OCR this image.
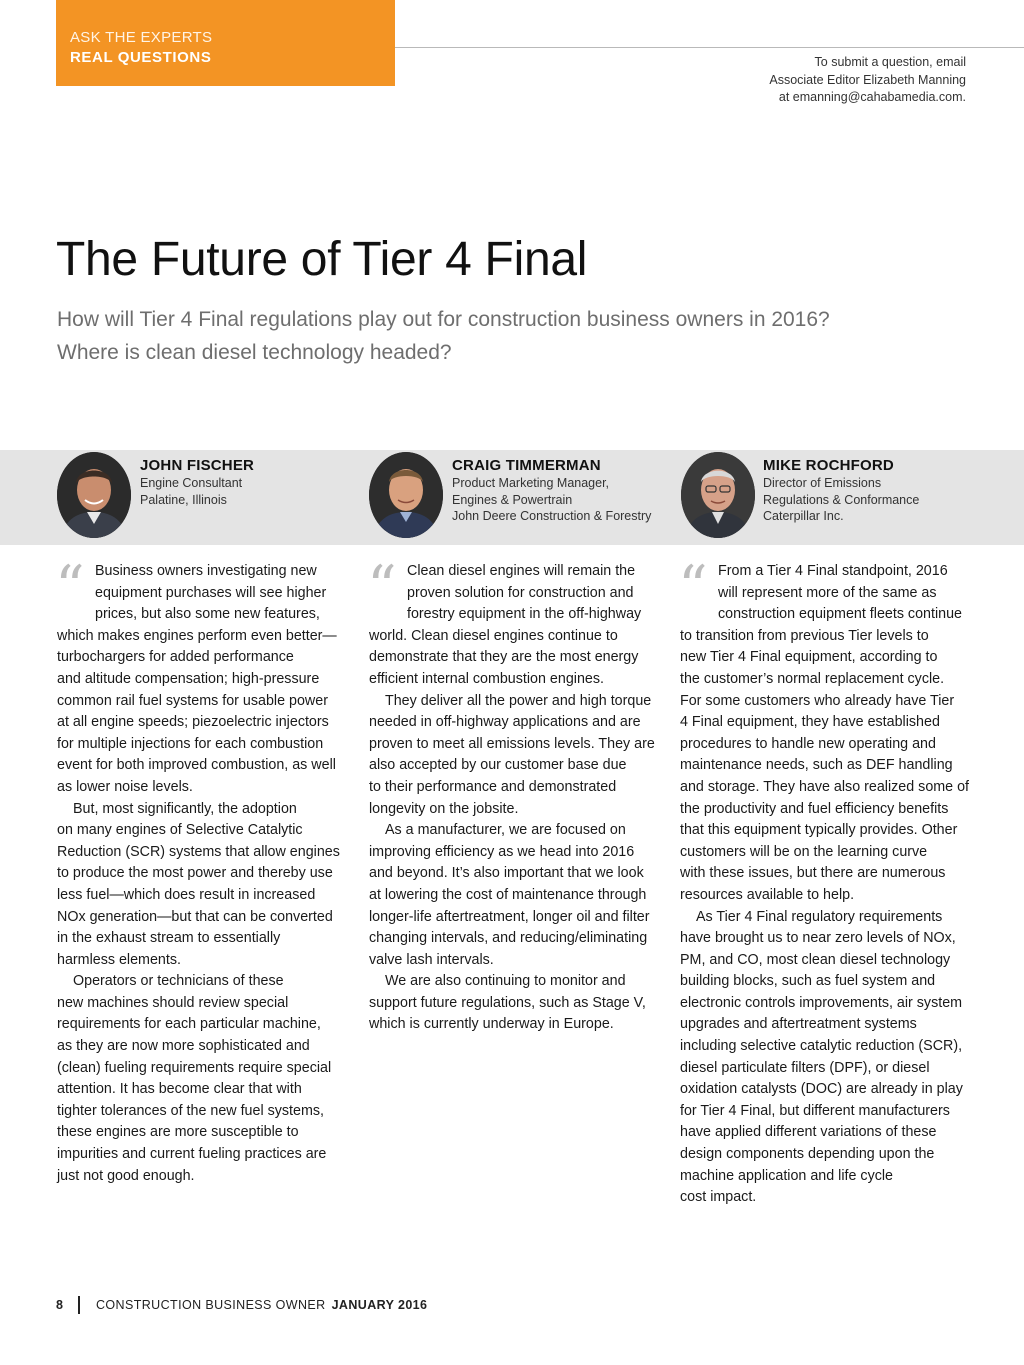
ASK THE EXPERTS
REAL QUESTIONS	To submit a question, email
Associate Editor Elizabeth Manning
at emanning@cahabamedia.com.
The Future of Tier 4 Final
How will Tier 4 Final regulations play out for construction business owners in 2016?
Where is clean diesel technology headed?
JOHN FISCHER
Engine Consultant
Palatine, Illinois
CRAIG TIMMERMAN
Product Marketing Manager,
Engines & Powertrain
John Deere Construction & Forestry
MIKE ROCHFORD
Director of Emissions
Regulations & Conformance
Caterpillar Inc.
“ Business owners investigating new
equipment purchases will see higher
prices, but also some new features,
which makes engines perform even better—
turbochargers for added performance
and altitude compensation; high-pressure
common rail fuel systems for usable power
at all engine speeds; piezoelectric injectors
for multiple injections for each combustion
event for both improved combustion, as well
as lower noise levels.
But, most significantly, the adoption
on many engines of Selective Catalytic
Reduction (SCR) systems that allow engines
to produce the most power and thereby use
less fuel—which does result in increased
NOx generation—but that can be converted
in the exhaust stream to essentially
harmless elements.
Operators or technicians of these
new machines should review special
requirements for each particular machine,
as they are now more sophisticated and
(clean) fueling requirements require special
attention. It has become clear that with
tighter tolerances of the new fuel systems,
these engines are more susceptible to
impurities and current fueling practices are
just not good enough.
“ Clean diesel engines will remain the
proven solution for construction and
forestry equipment in the off-highway
world. Clean diesel engines continue to
demonstrate that they are the most energy
efficient internal combustion engines.
They deliver all the power and high torque
needed in off-highway applications and are
proven to meet all emissions levels. They are
also accepted by our customer base due
to their performance and demonstrated
longevity on the jobsite.
As a manufacturer, we are focused on
improving efficiency as we head into 2016
and beyond. It’s also important that we look
at lowering the cost of maintenance through
longer-life aftertreatment, longer oil and filter
changing intervals, and reducing/eliminating
valve lash intervals.
We are also continuing to monitor and
support future regulations, such as Stage V,
which is currently underway in Europe.
“ From a Tier 4 Final standpoint, 2016
will represent more of the same as
construction equipment fleets continue
to transition from previous Tier levels to
new Tier 4 Final equipment, according to
the customer’s normal replacement cycle.
For some customers who already have Tier
4 Final equipment, they have established
procedures to handle new operating and
maintenance needs, such as DEF handling
and storage. They have also realized some of
the productivity and fuel efficiency benefits
that this equipment typically provides. Other
customers will be on the learning curve
with these issues, but there are numerous
resources available to help.
As Tier 4 Final regulatory requirements
have brought us to near zero levels of NOx,
PM, and CO, most clean diesel technology
building blocks, such as fuel system and
electronic controls improvements, air system
upgrades and aftertreatment systems
including selective catalytic reduction (SCR),
diesel particulate filters (DPF), or diesel
oxidation catalysts (DOC) are already in play
for Tier 4 Final, but different manufacturers
have applied different variations of these
design components depending upon the
machine application and life cycle
cost impact.
8	CONSTRUCTION BUSINESS OWNER JANUARY 2016
